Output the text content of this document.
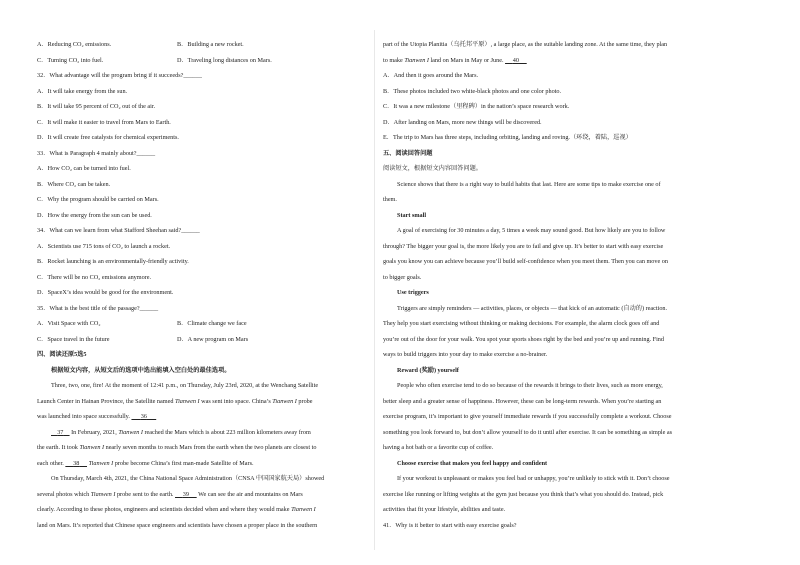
A．Reducing CO₂ emissions.	B．Building a new rocket.
C．Turning CO₂ into fuel.	D．Traveling long distances on Mars.
32．What advantage will the program bring if it succeeds?______
A．It will take energy from the sun.
B．It will take 95 percent of CO₂ out of the air.
C．It will make it easier to travel from Mars to Earth.
D．It will create free catalysts for chemical experiments.
33．What is Paragraph 4 mainly about?______
A．How CO₂ can be turned into fuel.
B．Where CO₂ can be taken.
C．Why the program should be carried on Mars.
D．How the energy from the sun can be used.
34．What can we learn from what Stafford Sheehan said?______
A．Scientists use 715 tons of CO₂ to launch a rocket.
B．Rocket launching is an environmentally-friendly activity.
C．There will be no CO₂ emissions anymore.
D．SpaceX’s idea would be good for the environment.
35．What is the best title of the passage?______
A．Visit Space with CO₂	B．Climate change we face
C．Space travel in the future	D．A new program on Mars
四、阅读还原5选5
根据短文内容，从短文后的选项中选出能填入空白处的最佳选项。
Three, two, one, fire! At the moment of 12:41 p.m., on Thursday, July 23rd, 2020, at the Wenchang Satellite
Launch Center in Hainan Province, the Satellite named Tianwen I was sent into space. China’s Tianwen I probe
was launched into space successfully. 36
37 In February, 2021, Tianwen I reached the Mars which is about 223 million kilometers away from
the earth. It took Tianwen I nearly seven months to reach Mars from the earth when the two planets are closest to
each other. 38 Tianwen I probe become China’s first man-made Satellite of Mars.
On Thursday, March 4th, 2021, the China National Space Administration（CNSA 中国国家航天局）showed
several photos which Tianwen I probe sent to the earth. 39 We can see the air and mountains on Mars
clearly. According to these photos, engineers and scientists decided when and where they would make Tianwen I
land on Mars. It’s reported that Chinese space engineers and scientists have chosen a proper place in the southern
part of the Utopia Planitia（乌托邦平原）, a large place, as the suitable landing zone. At the same time, they plan
to make Tianwen I land on Mars in May or June. 40
A．And then it goes around the Mars.
B．These photos included two white-black photos and one color photo.
C．It was a new milestone（里程碑）in the nation’s space research work.
D．After landing on Mars, more new things will be discovered.
E．The trip to Mars has three steps, including orbiting, landing and roving.（环绕，着陆，巡视）
五、阅读回答问题
阅读短文，根据短文内容回答问题。
Science shows that there is a right way to build habits that last. Here are some tips to make exercise one of
them.
Start small
A goal of exercising for 30 minutes a day, 5 times a week may sound good. But how likely are you to follow
through? The bigger your goal is, the more likely you are to fail and give up. It’s better to start with easy exercise
goals you know you can achieve because you’ll build self-confidence when you meet them. Then you can move on
to bigger goals.
Use triggers
Triggers are simply reminders — activities, places, or objects — that kick of an automatic (自动的) reaction.
They help you start exercising without thinking or making decisions. For example, the alarm clock goes off and
you’re out of the door for your walk. You spot your sports shoes right by the bed and you’re up and running. Find
ways to build triggers into your day to make exercise a no-brainer.
Reward (奖励) yourself
People who often exercise tend to do so because of the rewards it brings to their lives, such as more energy,
better sleep and a greater sense of happiness. However, these can be long-term rewards. When you’re starting an
exercise program, it’s important to give yourself immediate rewards if you successfully complete a workout. Choose
something you look forward to, but don’t allow yourself to do it until after exercise. It can be something as simple as
having a hot bath or a favorite cup of coffee.
Choose exercise that makes you feel happy and confident
If your workout is unpleasant or makes you feel bad or unhappy, you’re unlikely to stick with it. Don’t choose
exercise like running or lifting weights at the gym just because you think that’s what you should do. Instead, pick
activities that fit your lifestyle, abilities and taste.
41．Why is it better to start with easy exercise goals?
